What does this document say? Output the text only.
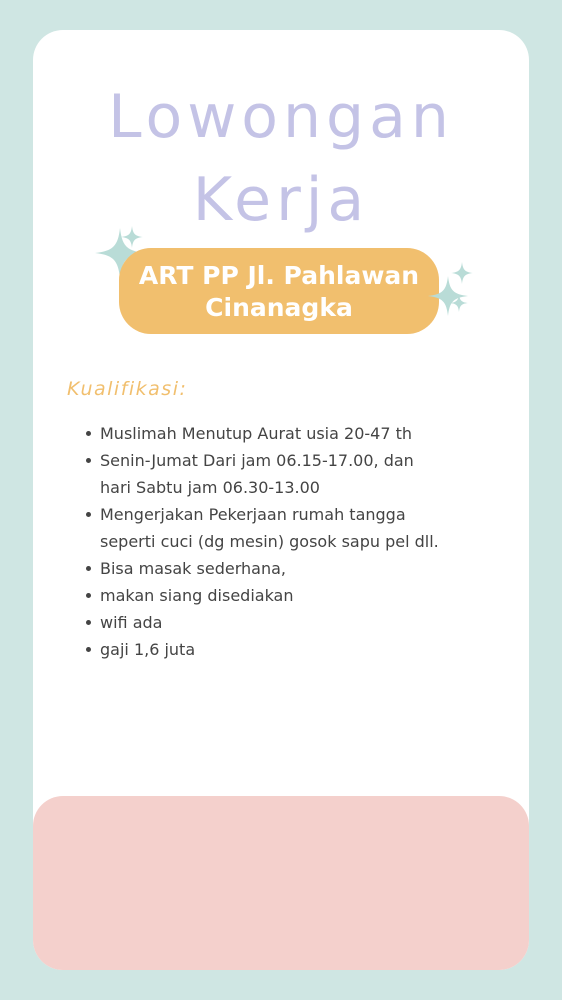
Lowongan
Kerja
ART PP Jl. Pahlawan
Cinanagka
Kualifikasi:
Muslimah Menutup Aurat usia 20-47 th
Senin-Jumat Dari jam 06.15-17.00, dan hari Sabtu jam 06.30-13.00
Mengerjakan Pekerjaan rumah tangga seperti cuci (dg mesin) gosok sapu pel dll.
Bisa masak sederhana,
makan siang disediakan
wifi ada
gaji 1,6 juta
